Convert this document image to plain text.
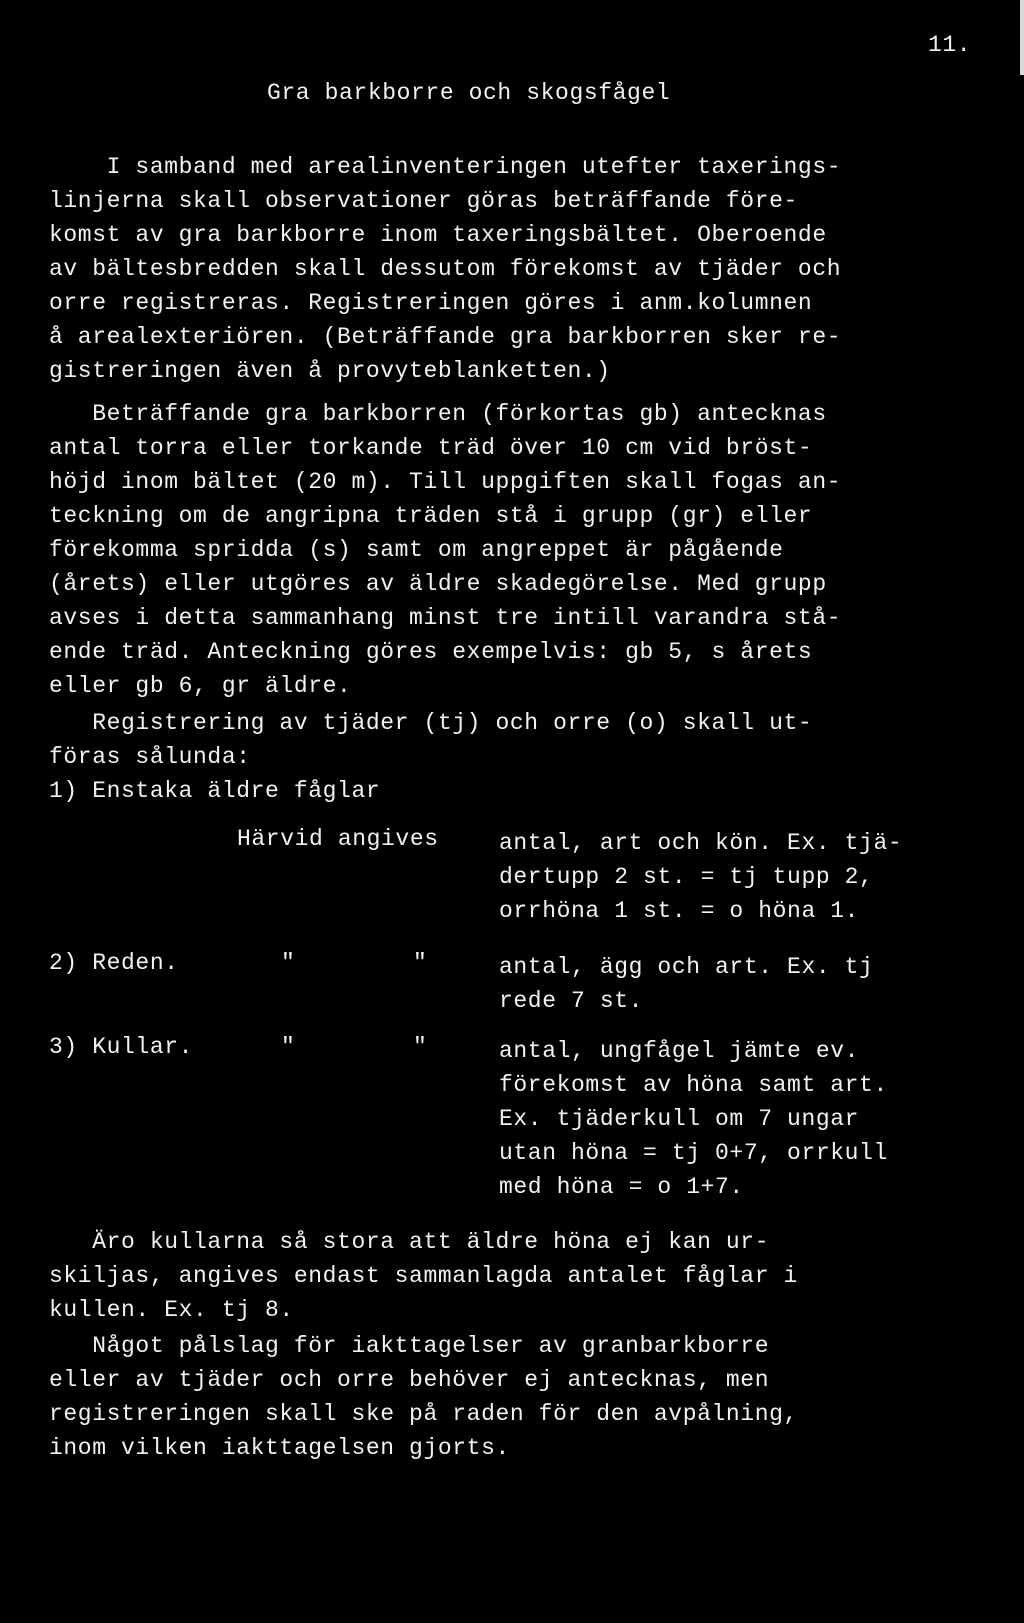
11.
Gra barkborre och skogsfågel
I samband med arealinventeringen utefter taxerings-
linjerna skall observationer göras beträffande före-
komst av gra barkborre inom taxeringsbältet. Oberoende
av bältesbredden skall dessutom förekomst av tjäder och
orre registreras. Registreringen göres i anm.kolumnen
å arealexteriören. (Beträffande gra barkborren sker re-
gistreringen även å provyteblanketten.)
Beträffande gra barkborren (förkortas gb) antecknas
antal torra eller torkande träd över 10 cm vid bröst-
höjd inom bältet (20 m). Till uppgiften skall fogas an-
teckning om de angripna träden stå i grupp (gr) eller
förekomma spridda (s) samt om angreppet är pågående
(årets) eller utgöres av äldre skadegörelse. Med grupp
avses i detta sammanhang minst tre intill varandra stå-
ende träd. Anteckning göres exempelvis: gb 5, s årets
eller gb 6, gr äldre.
Registrering av tjäder (tj) och orre (o) skall ut-
föras sålunda:
1) Enstaka äldre fåglar
Härvid angives	antal, art och kön. Ex. tjä-
dertupp 2 st. = tj tupp 2,
orrhöna 1 st. = o höna 1.
2) Reden.	"	"	antal, ägg och art. Ex. tj
rede 7 st.
3) Kullar.	"	"	antal, ungfågel jämte ev.
förekomst av höna samt art.
Ex. tjäderkull om 7 ungar
utan höna = tj 0+7, orrkull
med höna = o 1+7.
Äro kullarna så stora att äldre höna ej kan ur-
skiljas, angives endast sammanlagda antalet fåglar i
kullen. Ex. tj 8.
Något pålslag för iakttagelser av granbarkborre
eller av tjäder och orre behöver ej antecknas, men
registreringen skall ske på raden för den avpålning,
inom vilken iakttagelsen gjorts.
